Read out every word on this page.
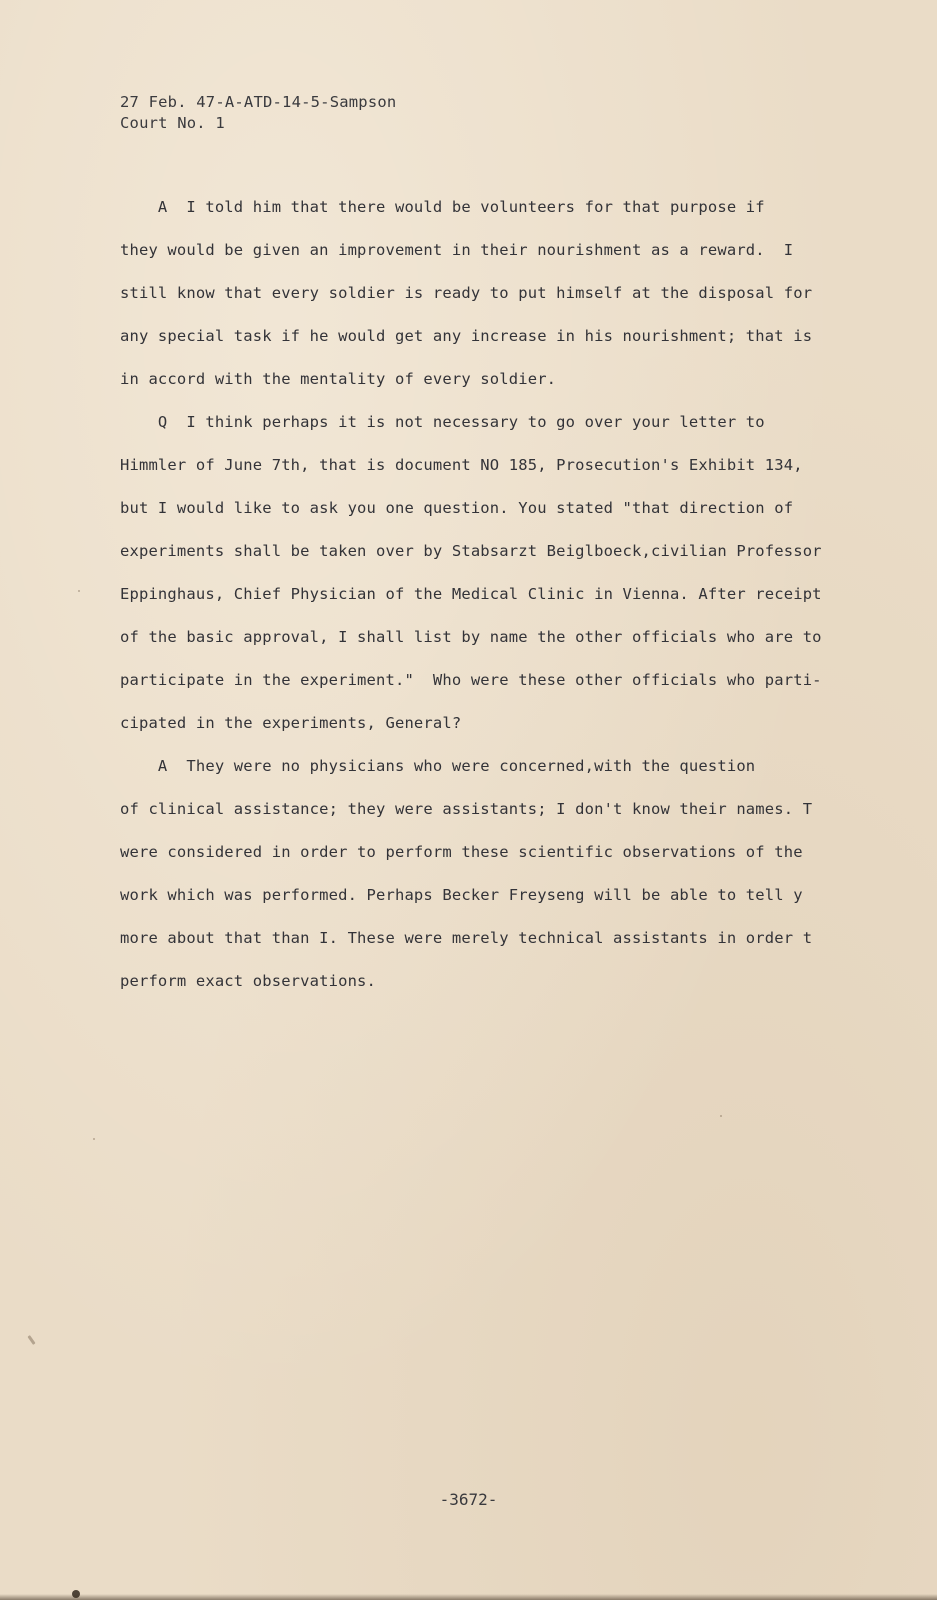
27 Feb. 47-A-ATD-14-5-Sampson
Court No. 1
A  I told him that there would be volunteers for that purpose if
they would be given an improvement in their nourishment as a reward.  I
still know that every soldier is ready to put himself at the disposal for
any special task if he would get any increase in his nourishment; that is
in accord with the mentality of every soldier.
Q  I think perhaps it is not necessary to go over your letter to
Himmler of June 7th, that is document NO 185, Prosecution's Exhibit 134,
but I would like to ask you one question. You stated "that direction of
experiments shall be taken over by Stabsarzt Beiglboeck,civilian Professor
Eppinghaus, Chief Physician of the Medical Clinic in Vienna. After receipt
of the basic approval, I shall list by name the other officials who are to
participate in the experiment."  Who were these other officials who parti-
cipated in the experiments, General?
A  They were no physicians who were concerned,with the question
of clinical assistance; they were assistants; I don't know their names. T
were considered in order to perform these scientific observations of the
work which was performed. Perhaps Becker Freyseng will be able to tell y
more about that than I. These were merely technical assistants in order t
perform exact observations.
-3672-
